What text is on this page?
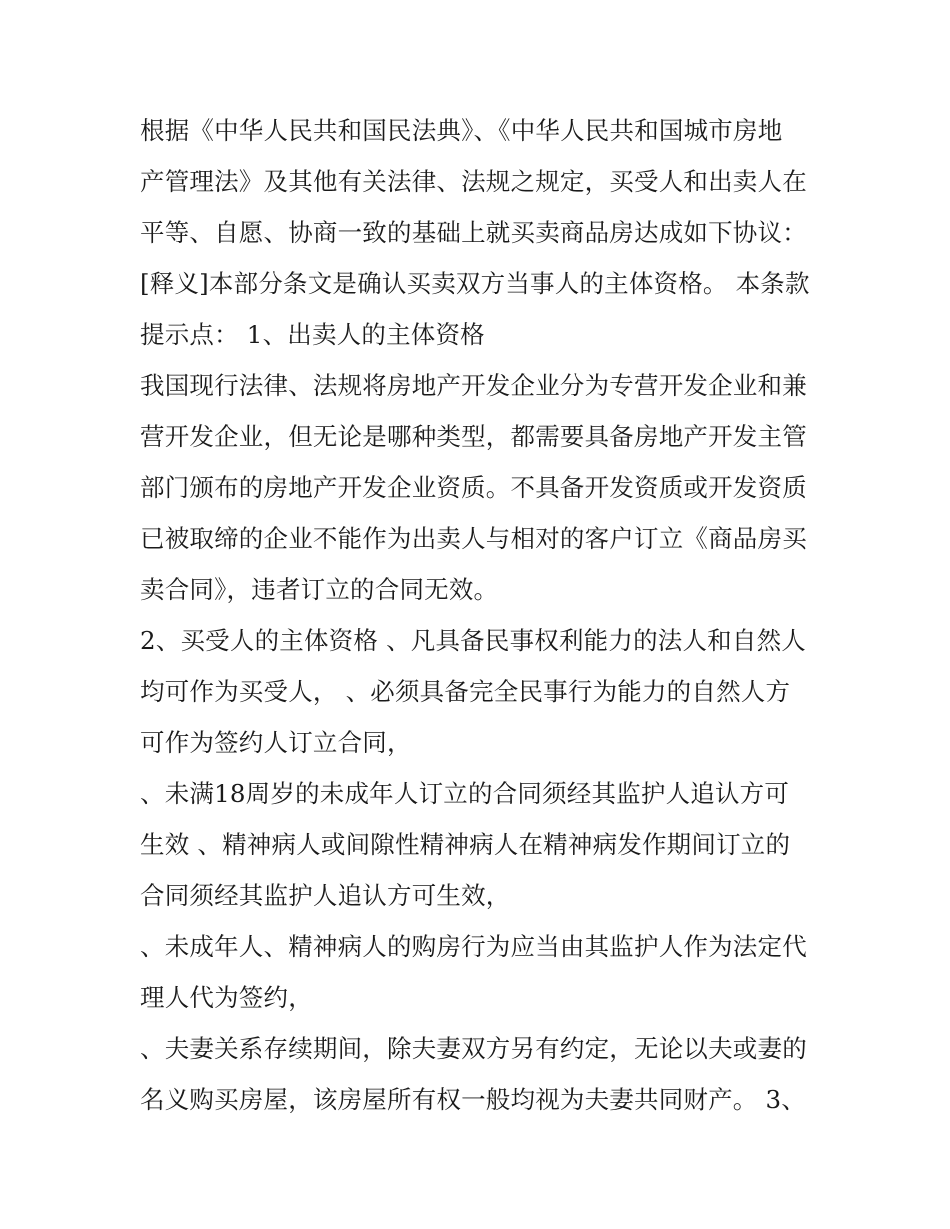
根据《中华人民共和国民法典》、《中华人民共和国城市房地
产管理法》及其他有关法律、法规之规定，买受人和出卖人在
平等、自愿、协商一致的基础上就买卖商品房达成如下协议：
[释义]本部分条文是确认买卖双方当事人的主体资格。 本条款
提示点： 1、出卖人的主体资格
我国现行法律、法规将房地产开发企业分为专营开发企业和兼
营开发企业，但无论是哪种类型，都需要具备房地产开发主管
部门颁布的房地产开发企业资质。不具备开发资质或开发资质
已被取缔的企业不能作为出卖人与相对的客户订立《商品房买
卖合同》，违者订立的合同无效。
2、买受人的主体资格 、凡具备民事权利能力的法人和自然人
均可作为买受人， 、必须具备完全民事行为能力的自然人方
可作为签约人订立合同，
、未满18周岁的未成年人订立的合同须经其监护人追认方可
生效 、精神病人或间隙性精神病人在精神病发作期间订立的
合同须经其监护人追认方可生效，
、未成年人、精神病人的购房行为应当由其监护人作为法定代
理人代为签约，
、夫妻关系存续期间，除夫妻双方另有约定，无论以夫或妻的
名义购买房屋，该房屋所有权一般均视为夫妻共同财产。 3、
